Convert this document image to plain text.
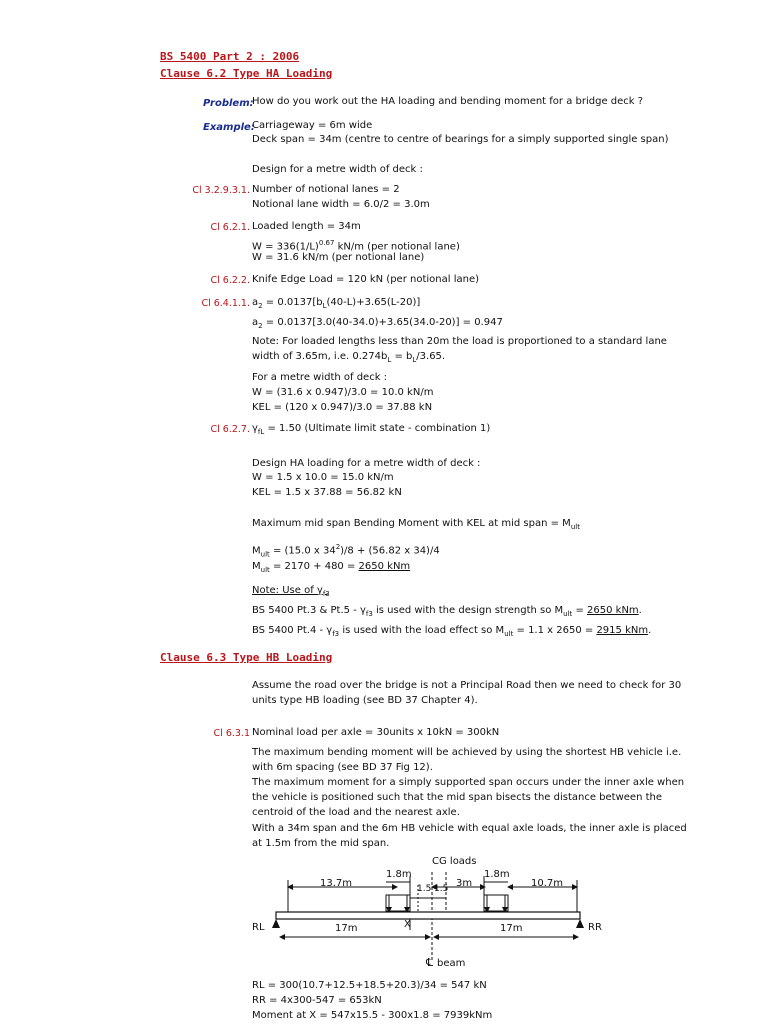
BS 5400 Part 2 : 2006
Clause 6.2 Type HA Loading
Problem:
How do you work out the HA loading and bending moment for a bridge deck ?
Example:
Carriageway = 6m wide
Deck span = 34m (centre to centre of bearings for a simply supported single span)
Design for a metre width of deck :
Cl 3.2.9.3.1. Number of notional lanes = 2
Notional lane width = 6.0/2 = 3.0m
Cl 6.2.1. Loaded length = 34m
$W = 336(1/L)^{0.67}$ kN/m (per notional lane)
W = 31.6 kN/m (per notional lane)
Cl 6.2.2. Knife Edge Load = 120 kN (per notional lane)
Cl 6.4.1.1. $a_2 = 0.0137[b_L(40-L)+3.65(L-20)]$
$a_2 = 0.0137[3.0(40-34.0)+3.65(34.0-20)] = 0.947$
Note: For loaded lengths less than 20m the load is proportioned to a standard lane
width of 3.65m, i.e. $0.274b_L = b_L/3.65$.
For a metre width of deck :
W = (31.6 x 0.947)/3.0 = 10.0 kN/m
KEL = (120 x 0.947)/3.0 = 37.88 kN
Cl 6.2.7. $\gamma_{fL} = 1.50$ (Ultimate limit state - combination 1)
Design HA loading for a metre width of deck :
W = 1.5 x 10.0 = 15.0 kN/m
KEL = 1.5 x 37.88 = 56.82 kN
Maximum mid span Bending Moment with KEL at mid span = $M_{ult}$
$M_{ult} = (15.0$ x $34^2)/8 + (56.82$ x 34)/4
$M_{ult} = 2170 + 480 = 2650$ kNm
Note: Use of $\gamma_{f3}$
BS 5400 Pt.3 & $Pt.5 - \gamma_{f3}$ is used with the design strength so $M_{ult} = 2650$ kNm.
BS 5400 $Pt.4 - \gamma_{f3}$ is used with the load effect so $M_{ult} = 1.1$ x 2650 = 2915 kNm.
Clause 6.3 Type HB Loading
Assume the road over the bridge is not a Principal Road then we need to check for 30
units type HB loading (see BD 37 Chapter 4).
Cl 6.3.1 Nominal load per axle = 30units x 10kN = 300kN
The maximum bending moment will be achieved by using the shortest HB vehicle i.e.
with 6m spacing (see BD 37 Fig 12).
The maximum moment for a simply supported span occurs under the inner axle when
the vehicle is positioned such that the mid span bisects the distance between the
centroid of the load and the nearest axle.
With a 34m span and the 6m HB vehicle with equal axle loads, the inner axle is placed
at 1.5m from the mid span.
CG loads
13.7m
1.8m
1.5 1.5 3m
1.8m
10.7m
RL	RR
X
17m	17m
℄ beam
RL = 300(10.7+12.5+18.5+20.3)/34 = 547 kN
RR = 4x300-547 = 653kN
Moment at X = 547x15.5 - 300x1.8 = 7939kNm
